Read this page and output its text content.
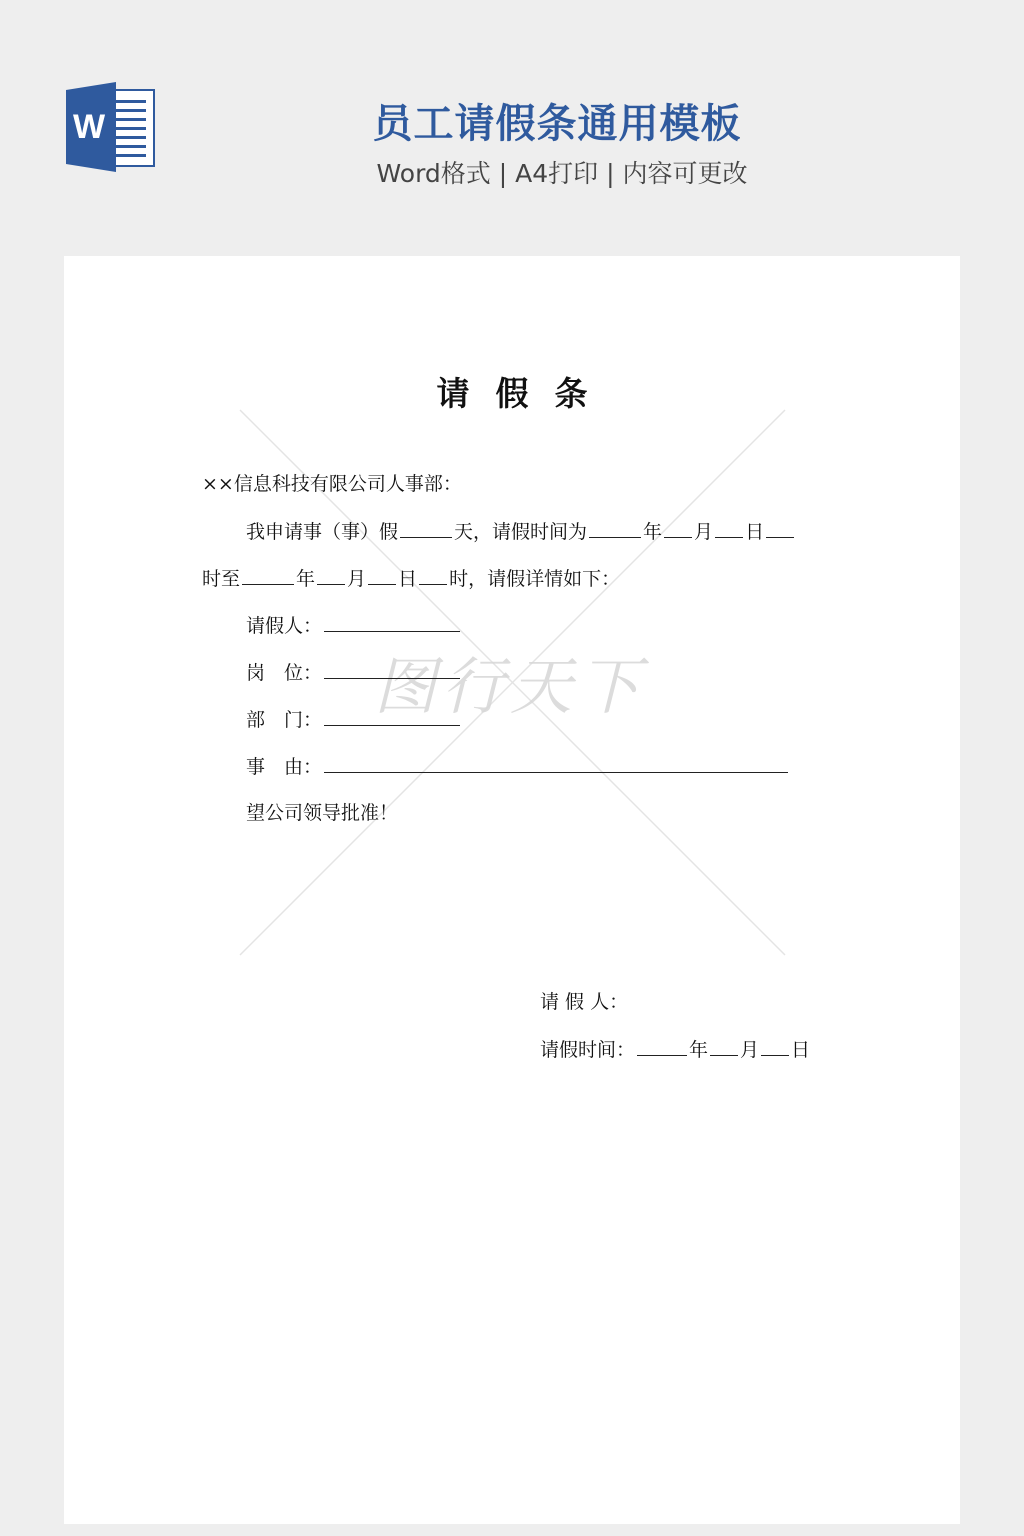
W	员工请假条通用模板
Word格式 | A4打印 | 内容可更改
图行天下
请假条
××信息科技有限公司人事部：
我申请事（事）假	天，请假时间为	年 月 日
时至	年 月 日 时，请假详情如下：
请假人：
岗　位：
部　门：
事　由：
望公司领导批准！
请 假 人：
请假时间：	年 月 日
